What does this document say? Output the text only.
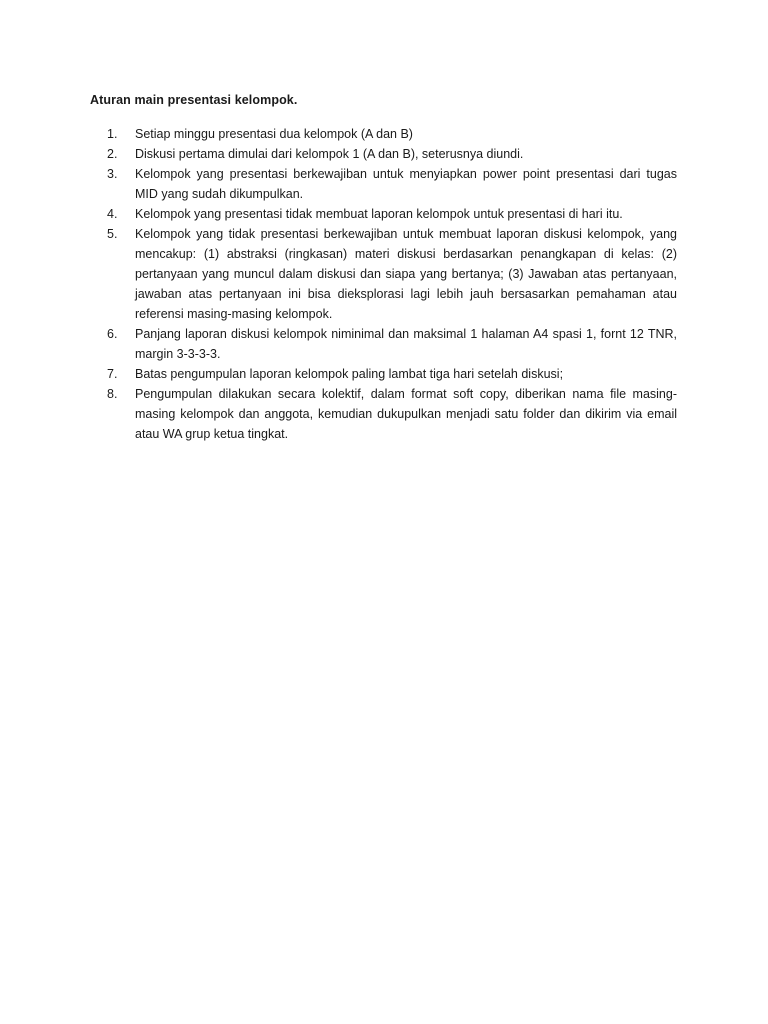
Aturan main presentasi kelompok.

1.	Setiap minggu presentasi dua kelompok (A dan B)
2.	Diskusi pertama dimulai dari kelompok 1 (A dan B), seterusnya diundi.
3.	Kelompok yang presentasi berkewajiban untuk menyiapkan power point presentasi dari tugas MID yang sudah dikumpulkan.
4.	Kelompok yang presentasi tidak membuat laporan kelompok untuk presentasi di hari itu.
5.	Kelompok yang tidak presentasi berkewajiban untuk membuat laporan diskusi kelompok, yang mencakup: (1) abstraksi (ringkasan) materi diskusi berdasarkan penangkapan di kelas: (2) pertanyaan yang muncul dalam diskusi dan siapa yang bertanya; (3) Jawaban atas pertanyaan, jawaban atas pertanyaan ini bisa dieksplorasi lagi lebih jauh bersasarkan pemahaman atau referensi masing-masing kelompok.
6.	Panjang laporan diskusi kelompok niminimal dan maksimal 1 halaman A4 spasi 1, fornt 12 TNR, margin 3-3-3-3.
7.	Batas pengumpulan laporan kelompok paling lambat tiga hari setelah diskusi;
8.	Pengumpulan dilakukan secara kolektif, dalam format soft copy, diberikan nama file masing-masing kelompok dan anggota, kemudian dukupulkan menjadi satu folder dan dikirim via email atau WA grup ketua tingkat.
